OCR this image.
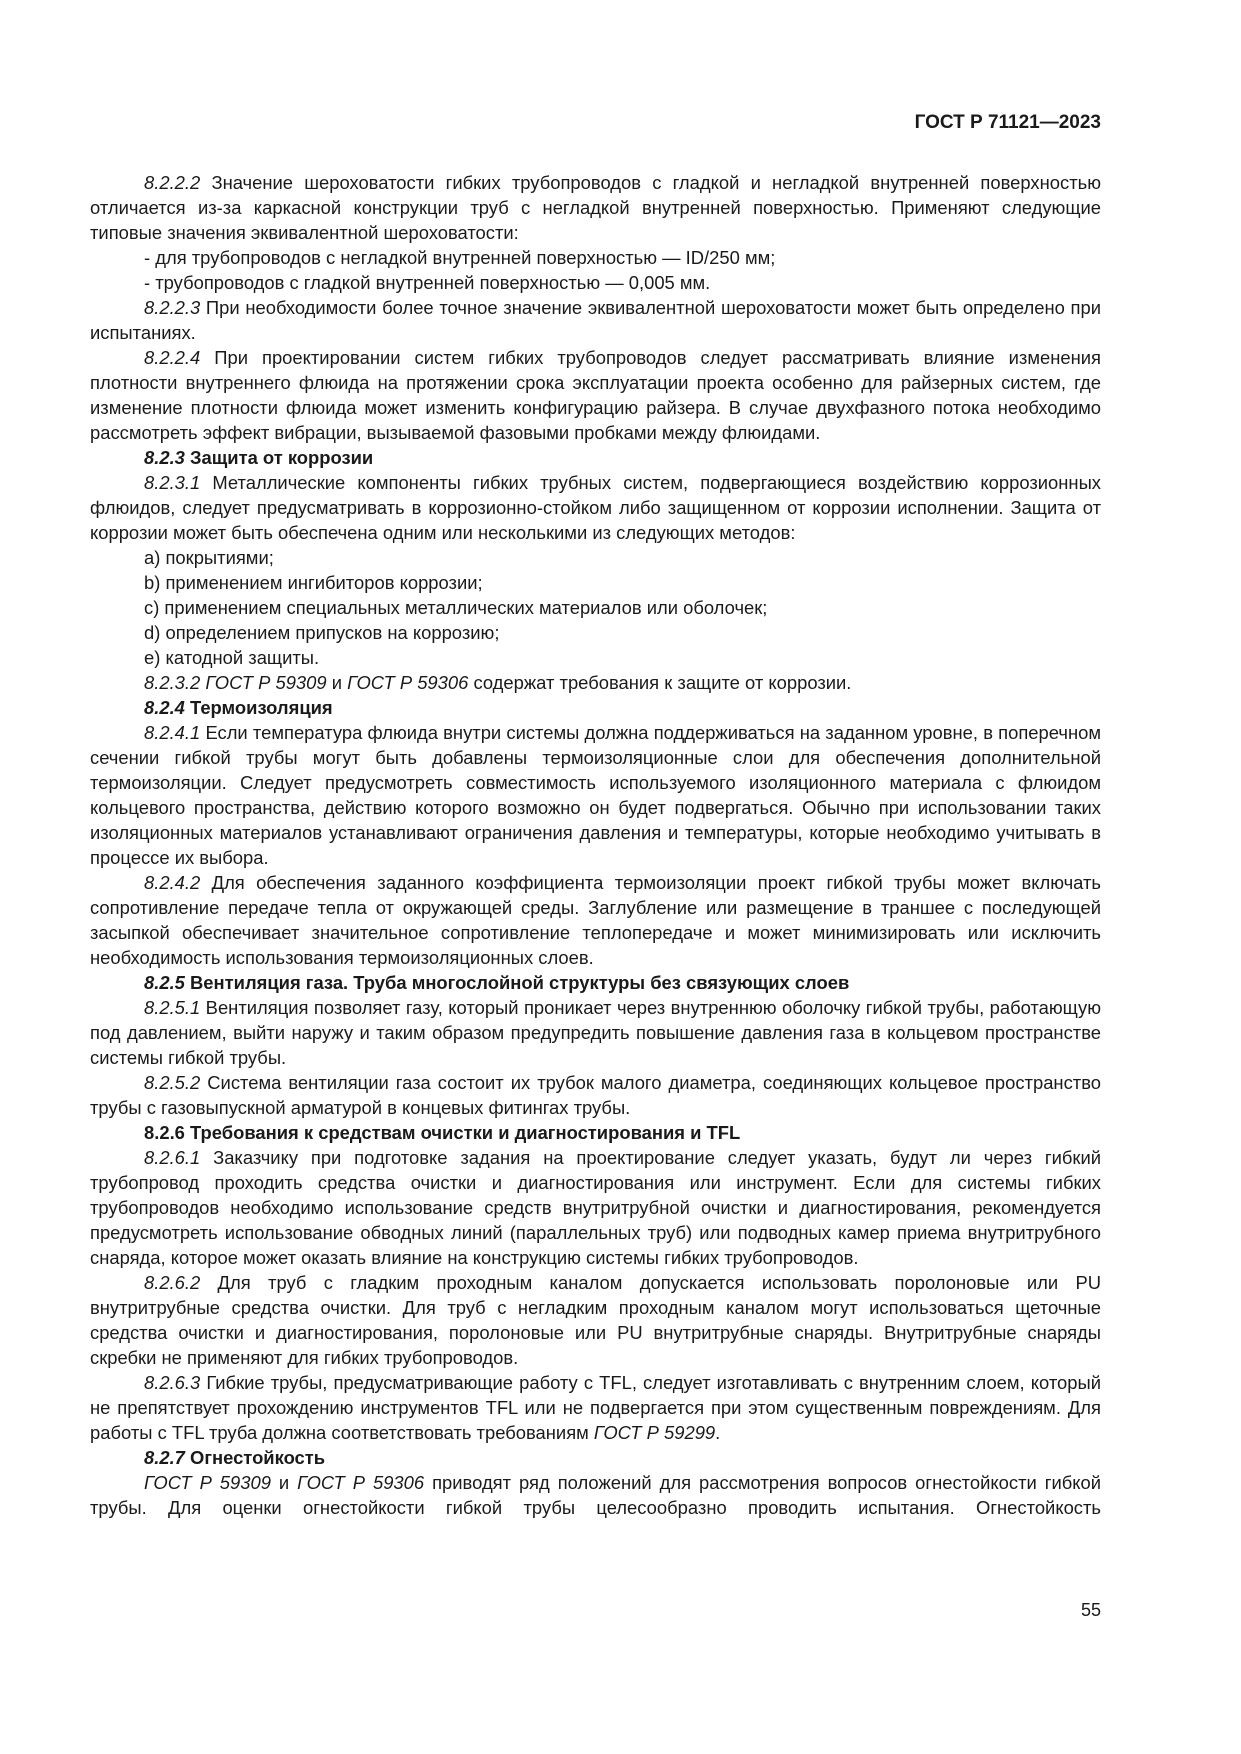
ГОСТ Р 71121—2023

8.2.2.2 Значение шероховатости гибких трубопроводов с гладкой и негладкой внутренней поверхностью отличается из-за каркасной конструкции труб с негладкой внутренней поверхностью. Применяют следующие типовые значения эквивалентной шероховатости:

- для трубопроводов с негладкой внутренней поверхностью — ID/250 мм;

- трубопроводов с гладкой внутренней поверхностью — 0,005 мм.

8.2.2.3 При необходимости более точное значение эквивалентной шероховатости может быть определено при испытаниях.

8.2.2.4 При проектировании систем гибких трубопроводов следует рассматривать влияние изменения плотности внутреннего флюида на протяжении срока эксплуатации проекта особенно для райзерных систем, где изменение плотности флюида может изменить конфигурацию райзера. В случае двухфазного потока необходимо рассмотреть эффект вибрации, вызываемой фазовыми пробками между флюидами.

8.2.3 Защита от коррозии

8.2.3.1 Металлические компоненты гибких трубных систем, подвергающиеся воздействию коррозионных флюидов, следует предусматривать в коррозионно-стойком либо защищенном от коррозии исполнении. Защита от коррозии может быть обеспечена одним или несколькими из следующих методов:

a) покрытиями;

b) применением ингибиторов коррозии;

c) применением специальных металлических материалов или оболочек;

d) определением припусков на коррозию;

e) катодной защиты.

8.2.3.2 ГОСТ Р 59309 и ГОСТ Р 59306 содержат требования к защите от коррозии.

8.2.4 Термоизоляция

8.2.4.1 Если температура флюида внутри системы должна поддерживаться на заданном уровне, в поперечном сечении гибкой трубы могут быть добавлены термоизоляционные слои для обеспечения дополнительной термоизоляции. Следует предусмотреть совместимость используемого изоляционного материала с флюидом кольцевого пространства, действию которого возможно он будет подвергаться. Обычно при использовании таких изоляционных материалов устанавливают ограничения давления и температуры, которые необходимо учитывать в процессе их выбора.

8.2.4.2 Для обеспечения заданного коэффициента термоизоляции проект гибкой трубы может включать сопротивление передаче тепла от окружающей среды. Заглубление или размещение в траншее с последующей засыпкой обеспечивает значительное сопротивление теплопередаче и может минимизировать или исключить необходимость использования термоизоляционных слоев.

8.2.5 Вентиляция газа. Труба многослойной структуры без связующих слоев

8.2.5.1 Вентиляция позволяет газу, который проникает через внутреннюю оболочку гибкой трубы, работающую под давлением, выйти наружу и таким образом предупредить повышение давления газа в кольцевом пространстве системы гибкой трубы.

8.2.5.2 Система вентиляции газа состоит их трубок малого диаметра, соединяющих кольцевое пространство трубы с газовыпускной арматурой в концевых фитингах трубы.

8.2.6 Требования к средствам очистки и диагностирования и TFL

8.2.6.1 Заказчику при подготовке задания на проектирование следует указать, будут ли через гибкий трубопровод проходить средства очистки и диагностирования или инструмент. Если для системы гибких трубопроводов необходимо использование средств внутритрубной очистки и диагностирования, рекомендуется предусмотреть использование обводных линий (параллельных труб) или подводных камер приема внутритрубного снаряда, которое может оказать влияние на конструкцию системы гибких трубопроводов.

8.2.6.2 Для труб с гладким проходным каналом допускается использовать поролоновые или PU внутритрубные средства очистки. Для труб с негладким проходным каналом могут использоваться щеточные средства очистки и диагностирования, поролоновые или PU внутритрубные снаряды. Внутритрубные снаряды скребки не применяют для гибких трубопроводов.

8.2.6.3 Гибкие трубы, предусматривающие работу с TFL, следует изготавливать с внутренним слоем, который не препятствует прохождению инструментов TFL или не подвергается при этом существенным повреждениям. Для работы с TFL труба должна соответствовать требованиям ГОСТ Р 59299.

8.2.7 Огнестойкость

ГОСТ Р 59309 и ГОСТ Р 59306 приводят ряд положений для рассмотрения вопросов огнестойкости гибкой трубы. Для оценки огнестойкости гибкой трубы целесообразно проводить испытания. Огнестойкость

55
